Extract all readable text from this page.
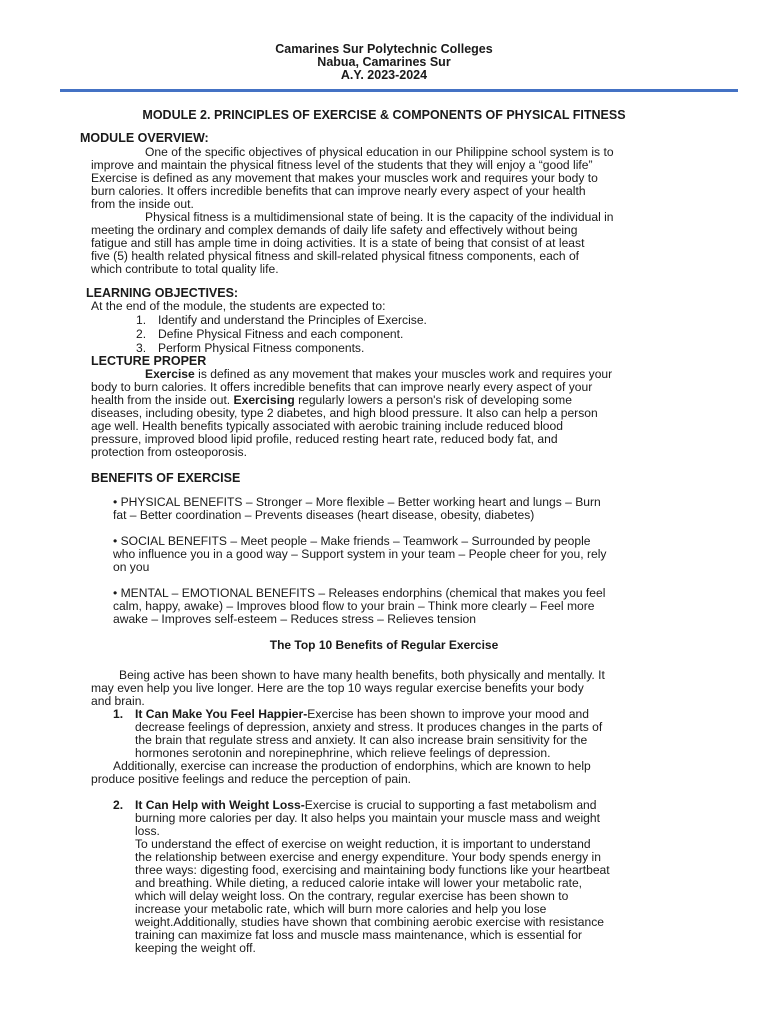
Camarines Sur Polytechnic Colleges
Nabua, Camarines Sur
A.Y. 2023-2024
MODULE 2. PRINCIPLES OF EXERCISE & COMPONENTS OF PHYSICAL FITNESS
MODULE OVERVIEW:
One of the specific objectives of physical education in our Philippine school system is to
improve and maintain the physical fitness level of the students that they will enjoy a “good life”
Exercise is defined as any movement that makes your muscles work and requires your body to
burn calories. It offers incredible benefits that can improve nearly every aspect of your health
from the inside out.
Physical fitness is a multidimensional state of being. It is the capacity of the individual in
meeting the ordinary and complex demands of daily life safety and effectively without being
fatigue and still has ample time in doing activities. It is a state of being that consist of at least
five (5) health related physical fitness and skill-related physical fitness components, each of
which contribute to total quality life.
LEARNING OBJECTIVES:
At the end of the module, the students are expected to:
1. Identify and understand the Principles of Exercise.
2. Define Physical Fitness and each component.
3. Perform Physical Fitness components.
LECTURE PROPER
Exercise is defined as any movement that makes your muscles work and requires your
body to burn calories. It offers incredible benefits that can improve nearly every aspect of your
health from the inside out. Exercising regularly lowers a person's risk of developing some
diseases, including obesity, type 2 diabetes, and high blood pressure. It also can help a person
age well. Health benefits typically associated with aerobic training include reduced blood
pressure, improved blood lipid profile, reduced resting heart rate, reduced body fat, and
protection from osteoporosis.
BENEFITS OF EXERCISE
• PHYSICAL BENEFITS – Stronger – More flexible – Better working heart and lungs – Burn
fat – Better coordination – Prevents diseases (heart disease, obesity, diabetes)
• SOCIAL BENEFITS – Meet people – Make friends – Teamwork – Surrounded by people
who influence you in a good way – Support system in your team – People cheer for you, rely
on you
• MENTAL – EMOTIONAL BENEFITS – Releases endorphins (chemical that makes you feel
calm, happy, awake) – Improves blood flow to your brain – Think more clearly – Feel more
awake – Improves self-esteem – Reduces stress – Relieves tension
The Top 10 Benefits of Regular Exercise
Being active has been shown to have many health benefits, both physically and mentally. It
may even help you live longer. Here are the top 10 ways regular exercise benefits your body
and brain.
1. It Can Make You Feel Happier-Exercise has been shown to improve your mood and
decrease feelings of depression, anxiety and stress. It produces changes in the parts of
the brain that regulate stress and anxiety. It can also increase brain sensitivity for the
hormones serotonin and norepinephrine, which relieve feelings of depression.
Additionally, exercise can increase the production of endorphins, which are known to help
produce positive feelings and reduce the perception of pain.
2. It Can Help with Weight Loss-Exercise is crucial to supporting a fast metabolism and
burning more calories per day. It also helps you maintain your muscle mass and weight
loss.
To understand the effect of exercise on weight reduction, it is important to understand
the relationship between exercise and energy expenditure. Your body spends energy in
three ways: digesting food, exercising and maintaining body functions like your heartbeat
and breathing. While dieting, a reduced calorie intake will lower your metabolic rate,
which will delay weight loss. On the contrary, regular exercise has been shown to
increase your metabolic rate, which will burn more calories and help you lose
weight.Additionally, studies have shown that combining aerobic exercise with resistance
training can maximize fat loss and muscle mass maintenance, which is essential for
keeping the weight off.
